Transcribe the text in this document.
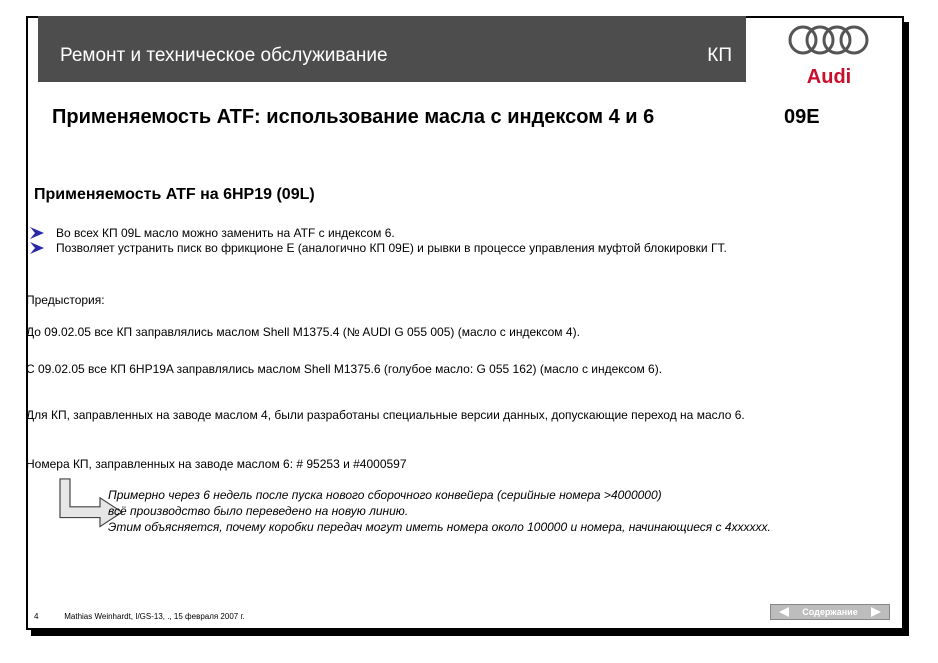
Ремонт и техническое обслуживание	КП
Audi
Применяемость ATF: использование масла с индексом 4 и 6	09E
Применяемость ATF на 6HP19 (09L)
Во всех КП 09L масло можно заменить на ATF с индексом 6.
Позволяет устранить писк во фрикционе E (аналогично КП 09E) и рывки в процессе управления муфтой блокировки ГТ.
Предыстория:
До 09.02.05 все КП заправлялись маслом Shell M1375.4 (№ AUDI G 055 005) (масло с индексом 4).
С 09.02.05 все КП 6HP19A заправлялись маслом Shell M1375.6 (голубое масло: G 055 162) (масло с индексом 6).
Для КП, заправленных на заводе маслом 4, были разработаны специальные версии данных, допускающие переход на масло 6.
Номера КП, заправленных на заводе маслом 6: # 95253 и #4000597
Примерно через 6 недель после пуска нового сборочного конвейера (серийные номера >4000000)
всё производство было переведено на новую линию.
Этим объясняется, почему коробки передач могут иметь номера около 100000 и номера, начинающиеся с 4xxxxxx.
4	Mathias Weinhardt, I/GS-13, ., 15 февраля 2007 г.	Содержание
